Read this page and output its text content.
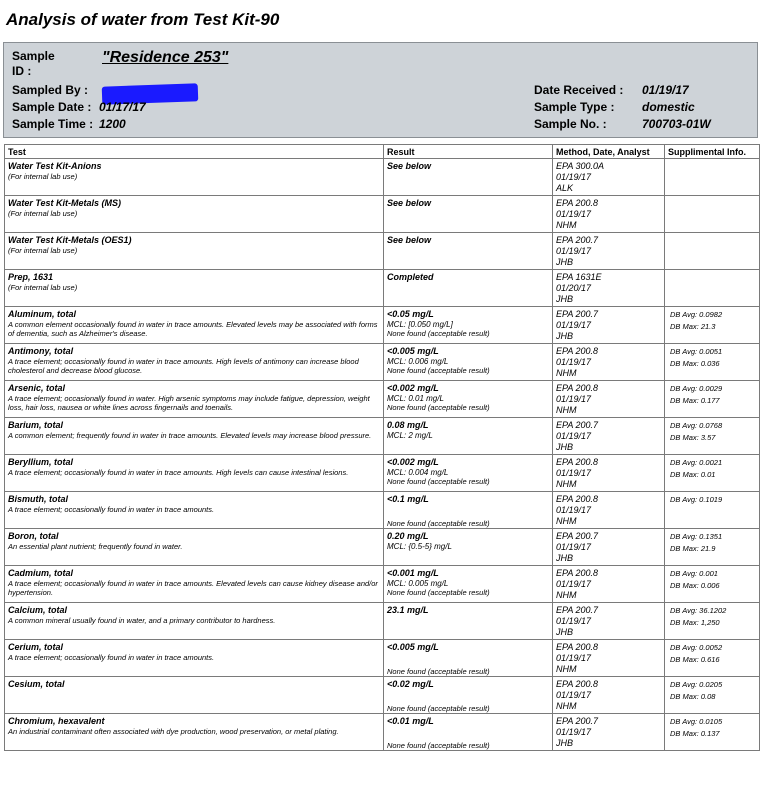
Analysis of water from Test Kit-90
Sample ID :
"Residence 253"
Sampled By :
Sample Date : 01/17/17
Sample Time : 1200
Date Received : 01/19/17
Sample Type : domestic
Sample No. :	700703-01W
Test	Result	Method, Date, Analyst	Supplimental Info.

Water Test Kit-Anions
(For internal lab use)	See below	EPA 300.0A
01/19/17
ALK	

Water Test Kit-Metals (MS)
(For internal lab use)	See below	EPA 200.8
01/19/17
NHM	

Water Test Kit-Metals (OES1)
(For internal lab use)	See below	EPA 200.7
01/19/17
JHB	

Prep, 1631
(For internal lab use)	Completed	EPA 1631E
01/20/17
JHB	

Aluminum, total
A common element occasionally found in water in trace amounts. Elevated levels may be associated with forms of dementia, such as Alzheimer's disease.	<0.05 mg/L
MCL: [0.050 mg/L]
None found (acceptable result)	EPA 200.7
01/19/17
JHB	DB Avg: 0.0982
DB Max: 21.3

Antimony, total
A trace element; occasionally found in water in trace amounts. High levels of antimony can increase blood cholesterol and decrease blood glucose.	<0.005 mg/L
MCL: 0.006 mg/L
None found (acceptable result)	EPA 200.8
01/19/17
NHM	DB Avg: 0.0051
DB Max: 0.036

Arsenic, total
A trace element; occasionally found in water. High arsenic symptoms may include fatigue, depression, weight loss, hair loss, nausea or white lines across fingernails and toenails.	<0.002 mg/L
MCL: 0.01 mg/L
None found (acceptable result)	EPA 200.8
01/19/17
NHM	DB Avg: 0.0029
DB Max: 0.177

Barium, total
A common element; frequently found in water in trace amounts. Elevated levels may increase blood pressure.	0.08 mg/L
MCL: 2 mg/L	EPA 200.7
01/19/17
JHB	DB Avg: 0.0768
DB Max: 3.57

Beryllium, total
A trace element; occasionally found in water in trace amounts. High levels can cause intestinal lesions.	<0.002 mg/L
MCL: 0.004 mg/L
None found (acceptable result)	EPA 200.8
01/19/17
NHM	DB Avg: 0.0021
DB Max: 0.01

Bismuth, total
A trace element; occasionally found in water in trace amounts.	<0.1 mg/L
None found (acceptable result)	EPA 200.8
01/19/17
NHM	DB Avg: 0.1019

Boron, total
An essential plant nutrient; frequently found in water.	0.20 mg/L
MCL: {0.5-5} mg/L	EPA 200.7
01/19/17
JHB	DB Avg: 0.1351
DB Max: 21.9

Cadmium, total
A trace element; occasionally found in water in trace amounts. Elevated levels can cause kidney disease and/or hypertension.	<0.001 mg/L
MCL: 0.005 mg/L
None found (acceptable result)	EPA 200.8
01/19/17
NHM	DB Avg: 0.001
DB Max: 0.006

Calcium, total
A common mineral usually found in water, and a primary contributor to hardness.	23.1 mg/L	EPA 200.7
01/19/17
JHB	DB Avg: 36.1202
DB Max: 1,250

Cerium, total
A trace element; occasionally found in water in trace amounts.	<0.005 mg/L
None found (acceptable result)	EPA 200.8
01/19/17
NHM	DB Avg: 0.0052
DB Max: 0.616

Cesium, total	<0.02 mg/L
None found (acceptable result)	EPA 200.8
01/19/17
NHM	DB Avg: 0.0205
DB Max: 0.08

Chromium, hexavalent
An industrial contaminant often associated with dye production, wood preservation, or metal plating.	<0.01 mg/L
None found (acceptable result)	EPA 200.7
01/19/17
JHB	DB Avg: 0.0105
DB Max: 0.137
